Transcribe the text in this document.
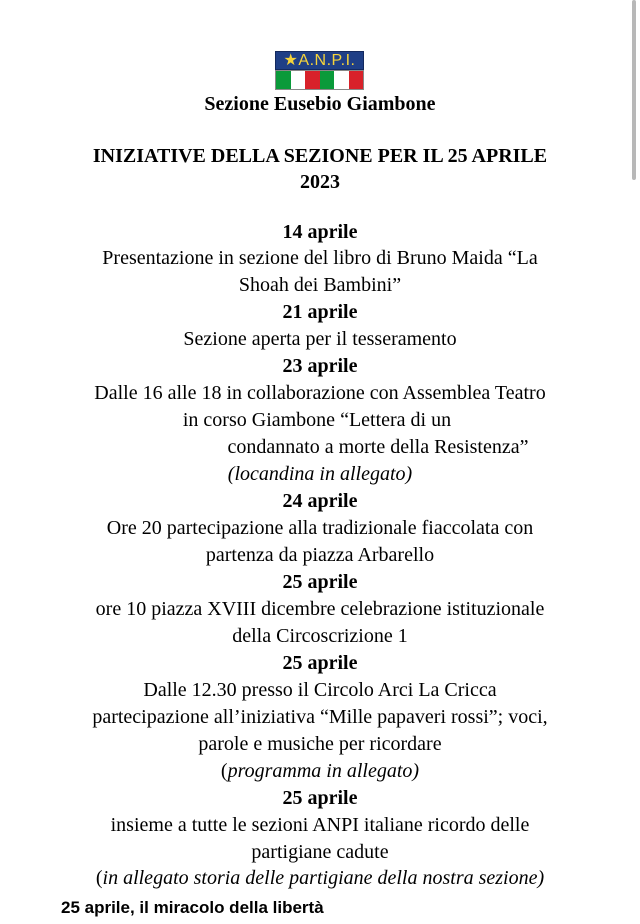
★A.N.P.I.
Sezione Eusebio Giambone
INIZIATIVE DELLA SEZIONE PER IL 25 APRILE
2023
14 aprile
Presentazione in sezione del libro di Bruno Maida “La
Shoah dei Bambini”
21 aprile
Sezione aperta per il tesseramento
23 aprile
Dalle 16 alle 18 in collaborazione con Assemblea Teatro
in corso Giambone “Lettera di un
condannato a morte della Resistenza”
(locandina in allegato)
24 aprile
Ore 20 partecipazione alla tradizionale fiaccolata con
partenza da piazza Arbarello
25 aprile
ore 10 piazza XVIII dicembre celebrazione istituzionale
della Circoscrizione 1
25 aprile
Dalle 12.30 presso il Circolo Arci La Cricca
partecipazione all’iniziativa “Mille papaveri rossi”; voci,
parole e musiche per ricordare
(programma in allegato)
25 aprile
insieme a tutte le sezioni ANPI italiane ricordo delle
partigiane cadute
(in allegato storia delle partigiane della nostra sezione)
25 aprile, il miracolo della libertà
